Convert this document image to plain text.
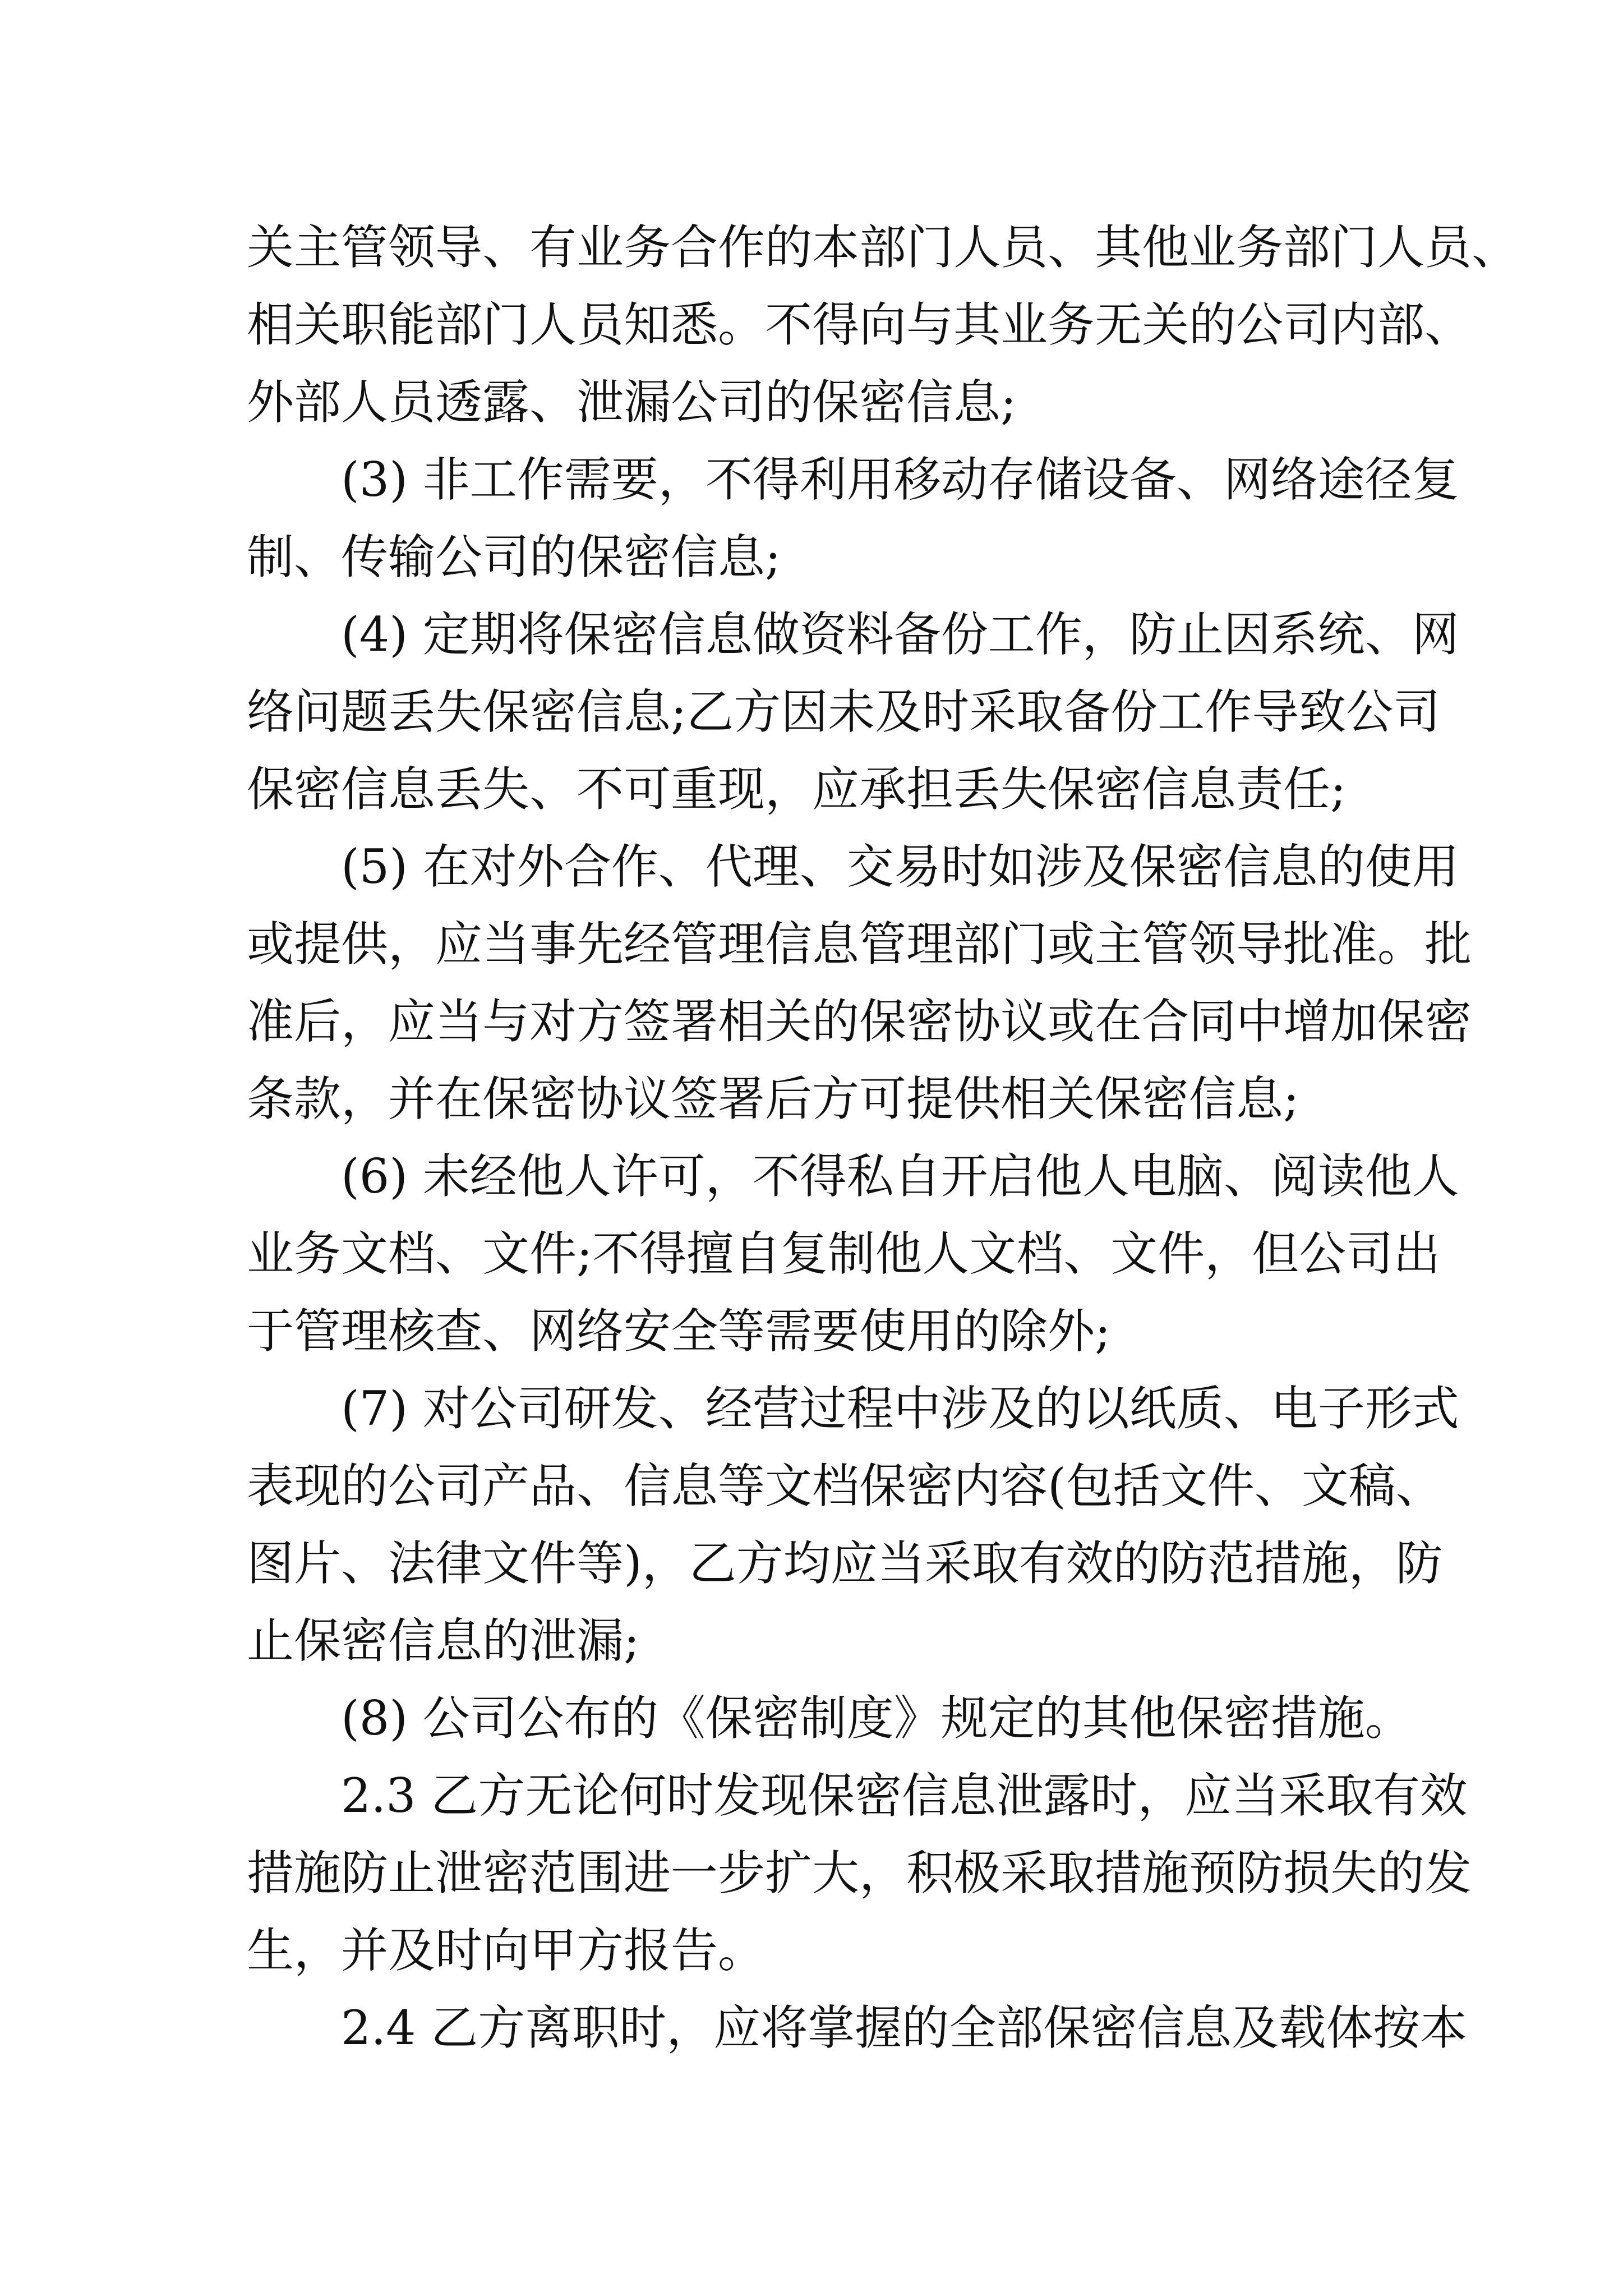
关主管领导、有业务合作的本部门人员、其他业务部门人员、

相关职能部门人员知悉。不得向与其业务无关的公司内部、

外部人员透露、泄漏公司的保密信息;

(3) 非工作需要，不得利用移动存储设备、网络途径复

制、传输公司的保密信息;

(4) 定期将保密信息做资料备份工作，防止因系统、网

络问题丢失保密信息;乙方因未及时采取备份工作导致公司

保密信息丢失、不可重现，应承担丢失保密信息责任;

(5) 在对外合作、代理、交易时如涉及保密信息的使用

或提供，应当事先经管理信息管理部门或主管领导批准。批

准后，应当与对方签署相关的保密协议或在合同中增加保密

条款，并在保密协议签署后方可提供相关保密信息;

(6) 未经他人许可，不得私自开启他人电脑、阅读他人

业务文档、文件;不得擅自复制他人文档、文件，但公司出

于管理核查、网络安全等需要使用的除外;

(7) 对公司研发、经营过程中涉及的以纸质、电子形式

表现的公司产品、信息等文档保密内容(包括文件、文稿、

图片、法律文件等)，乙方均应当采取有效的防范措施，防

止保密信息的泄漏;

(8) 公司公布的《保密制度》规定的其他保密措施。

2.3 乙方无论何时发现保密信息泄露时，应当采取有效

措施防止泄密范围进一步扩大，积极采取措施预防损失的发

生，并及时向甲方报告。

2.4 乙方离职时，应将掌握的全部保密信息及载体按本
